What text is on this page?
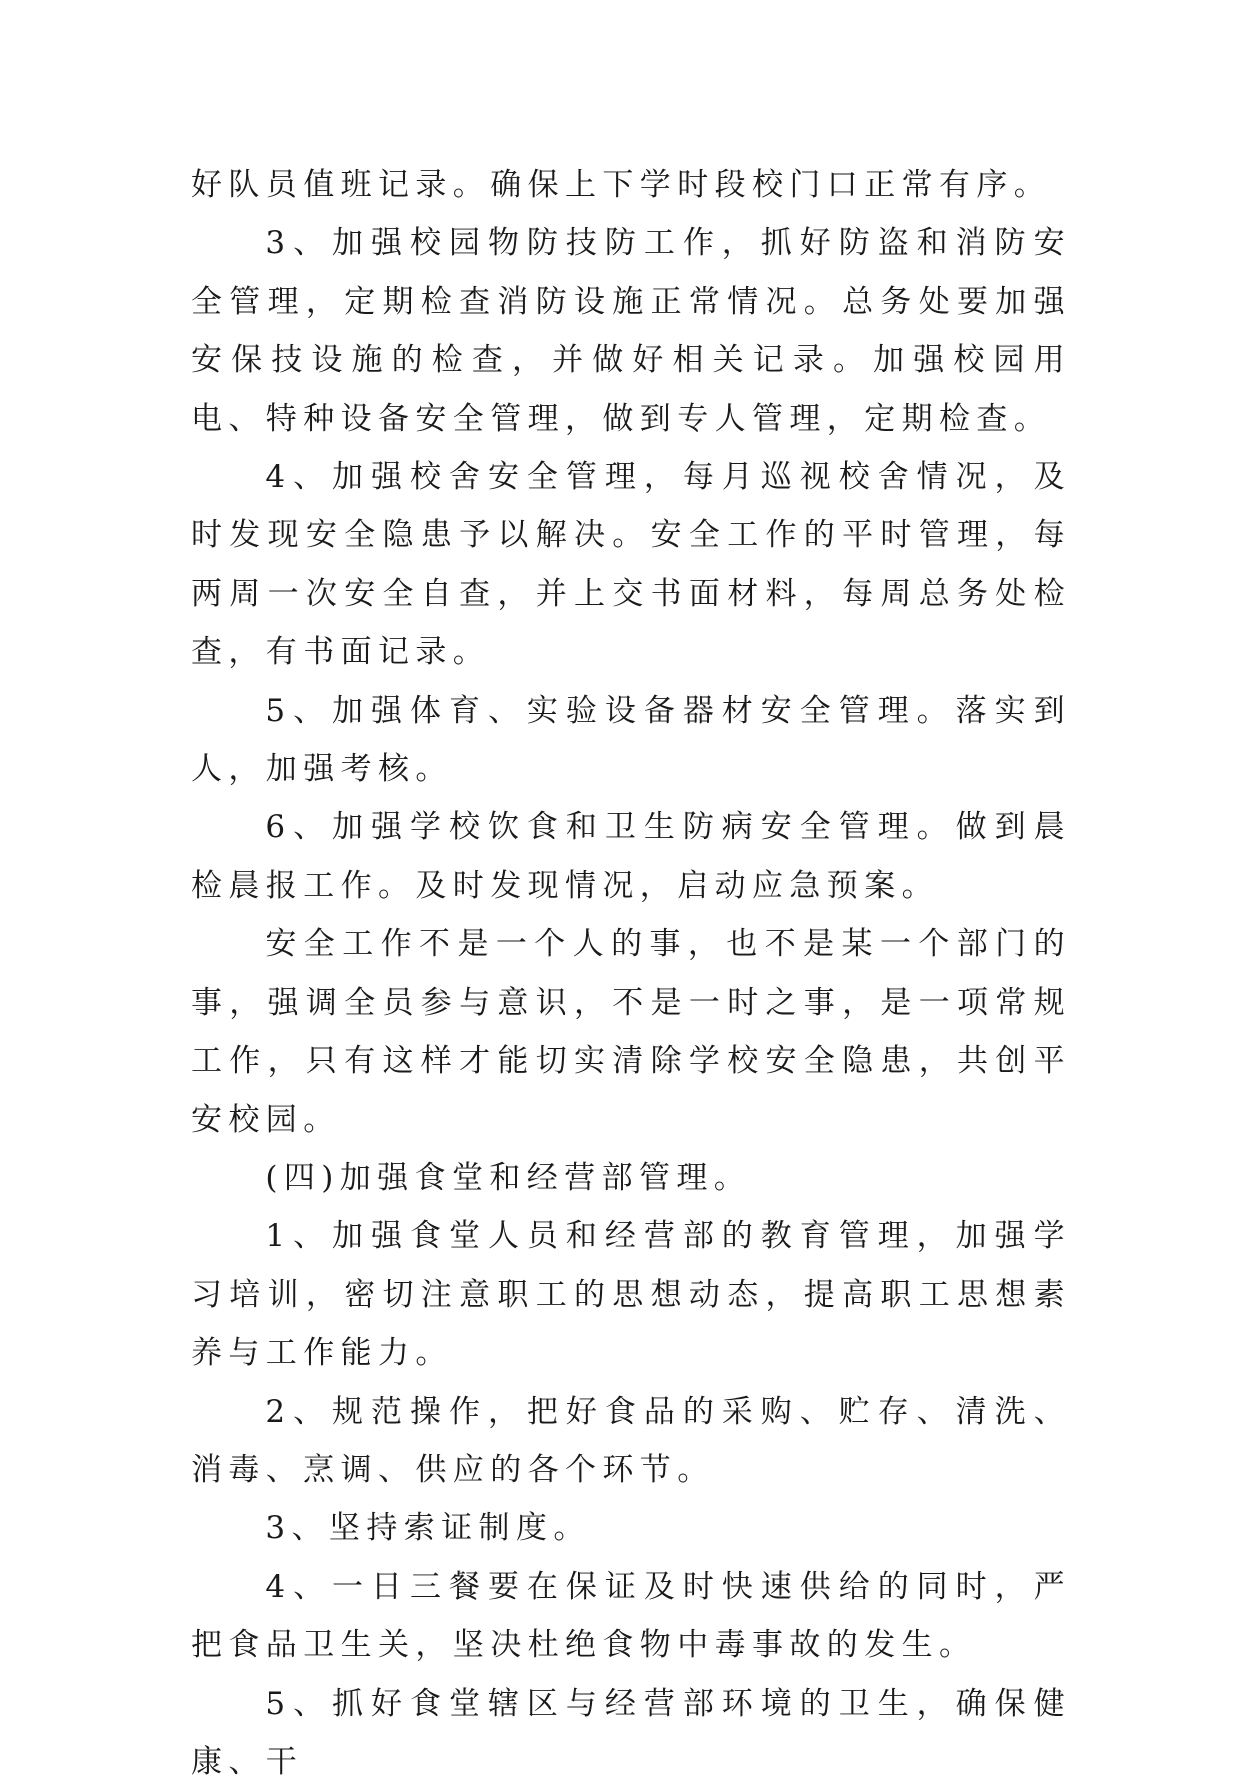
好队员值班记录。确保上下学时段校门口正常有序。

3、加强校园物防技防工作，抓好防盗和消防安全管理，定期检查消防设施正常情况。总务处要加强安保技设施的检查，并做好相关记录。加强校园用电、特种设备安全管理，做到专人管理，定期检查。

4、加强校舍安全管理，每月巡视校舍情况，及时发现安全隐患予以解决。安全工作的平时管理，每两周一次安全自查，并上交书面材料，每周总务处检查，有书面记录。

5、加强体育、实验设备器材安全管理。落实到人，加强考核。

6、加强学校饮食和卫生防病安全管理。做到晨检晨报工作。及时发现情况，启动应急预案。

安全工作不是一个人的事，也不是某一个部门的事，强调全员参与意识，不是一时之事，是一项常规工作，只有这样才能切实清除学校安全隐患，共创平安校园。

(四)加强食堂和经营部管理。

1、加强食堂人员和经营部的教育管理，加强学习培训，密切注意职工的思想动态，提高职工思想素养与工作能力。

2、规范操作，把好食品的采购、贮存、清洗、消毒、烹调、供应的各个环节。

3、坚持索证制度。

4、一日三餐要在保证及时快速供给的同时，严把食品卫生关，坚决杜绝食物中毒事故的发生。

5、抓好食堂辖区与经营部环境的卫生，确保健康、干
